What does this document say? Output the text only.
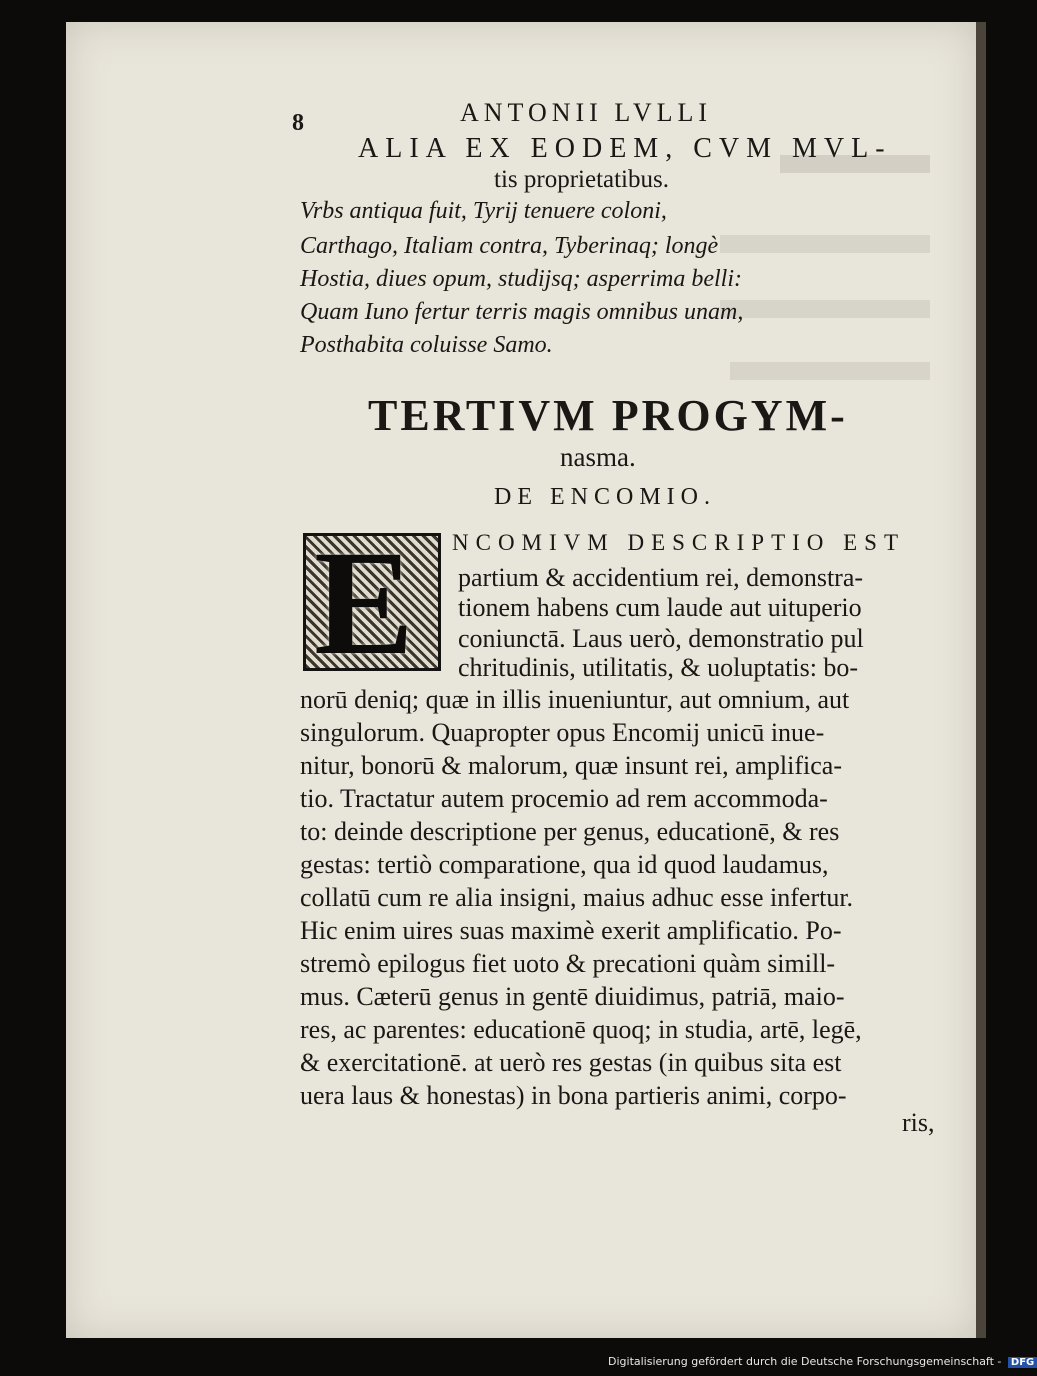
8	ANTONII LVLLI
ALIA EX EODEM, CVM MVL-
tis proprietatibus.
Vrbs antiqua fuit, Tyrij tenuere coloni,
Carthago, Italiam contra, Tyberinaq; longè
Hostia, diues opum, studijsq; asperrima belli:
Quam Iuno fertur terris magis omnibus unam,
Posthabita coluisse Samo.
TERTIVM PROGYM-
nasma.
DE ENCOMIO.
E NCOMIVM DESCRIPTIO EST
partium & accidentium rei, demonstra-
tionem habens cum laude aut uituperio
coniunctā. Laus uerò, demonstratio pul
chritudinis, utilitatis, & uoluptatis: bo-
norū deniq; quæ in illis inueniuntur, aut omnium, aut
singulorum. Quapropter opus Encomij unicū inue-
nitur, bonorū & malorum, quæ insunt rei, amplifica-
tio. Tractatur autem procemio ad rem accommoda-
to: deinde descriptione per genus, educationē, & res
gestas: tertiò comparatione, qua id quod laudamus,
collatū cum re alia insigni, maius adhuc esse infertur.
Hic enim uires suas maximè exerit amplificatio. Po-
stremò epilogus fiet uoto & precationi quàm simill-
mus. Cæterū genus in gentē diuidimus, patriā, maio-
res, ac parentes: educationē quoq; in studia, artē, legē,
& exercitationē. at uerò res gestas (in quibus sita est
uera laus & honestas) in bona partieris animi, corpo-
ris,
Digitalisierung gefördert durch die Deutsche Forschungsgemeinschaft - DFG
